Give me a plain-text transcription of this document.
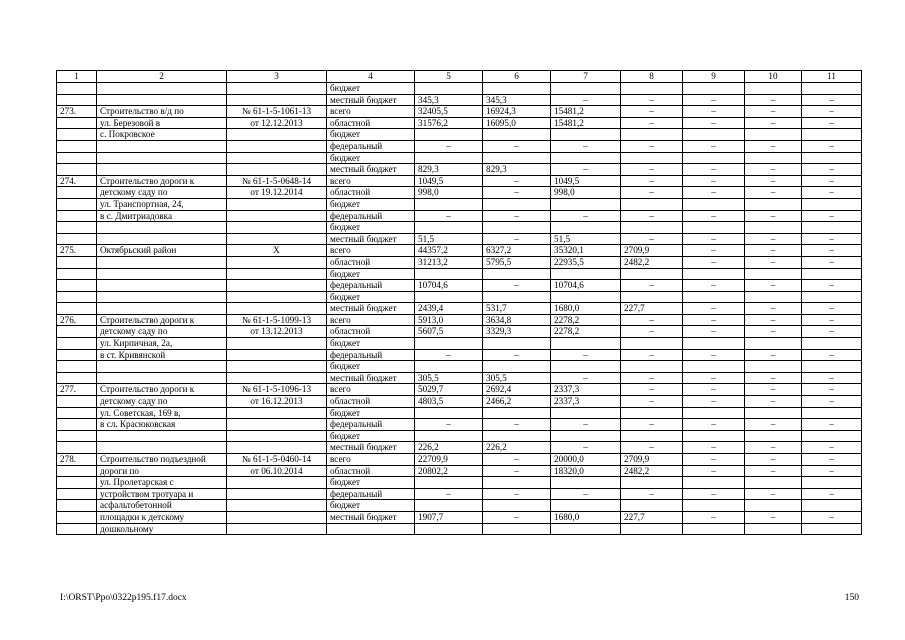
1	2	3	4	5	6	7	8	9	10	11
			бюджет							
			местный бюджет	345,3	345,3	–	–	–	–	–
273.	Строительство в/д по	№ 61-1-5-1061-13	всего	32405,5	16924,3	15481,2	–	–	–	–
	ул. Березовой в	от 12.12.2013	областной	31576,2	16095,0	15481,2	–	–	–	–
	с. Покровское		бюджет							
			федеральный	–	–	–	–	–	–	–
			бюджет							
			местный бюджет	829,3	829,3	–	–	–	–	–
274.	Строительство дороги к	№ 61-1-5-0648-14	всего	1049,5	–	1049,5	–	–	–	–
	детскому саду по	от 19.12.2014	областной	998,0	–	998,0	–	–	–	–
	ул. Транспортная, 24,		бюджет							
	в с. Дмитриадовка		федеральный	–	–	–	–	–	–	–
			бюджет							
			местный бюджет	51,5	–	51,5	–	–	–	–
275.	Октябрьский район	Х	всего	44357,2	6327,2	35320,1	2709,9	–	–	–
			областной	31213,2	5795,5	22935,5	2482,2	–	–	–
			бюджет							
			федеральный	10704,6	–	10704,6	–	–	–	–
			бюджет							
			местный бюджет	2439,4	531,7	1680,0	227,7	–	–	–
276.	Строительство дороги к	№ 61-1-5-1099-13	всего	5913,0	3634,8	2278,2	–	–	–	–
	детскому саду по	от 13.12.2013	областной	5607,5	3329,3	2278,2	–	–	–	–
	ул. Кирпичная, 2а,		бюджет							
	в ст. Кривянской		федеральный	–	–	–	–	–	–	–
			бюджет							
			местный бюджет	305,5	305,5	–	–	–	–	–
277.	Строительство дороги к	№ 61-1-5-1096-13	всего	5029,7	2692,4	2337,3	–	–	–	–
	детскому саду по	от 16.12.2013	областной	4803,5	2466,2	2337,3	–	–	–	–
	ул. Советская, 169 в,		бюджет							
	в сл. Красюковская		федеральный	–	–	–	–	–	–	–
			бюджет							
			местный бюджет	226,2	226,2	–	–	–	–	–
278.	Строительство подъездной	№ 61-1-5-0460-14	всего	22709,9	–	20000,0	2709,9	–	–	–
	дороги по	от 06.10.2014	областной	20802,2	–	18320,0	2482,2	–	–	–
	ул. Пролетарская с		бюджет							
	устройством тротуара и		федеральный	–	–	–	–	–	–	–
	асфальтобетонной		бюджет							
	площадки к детскому		местный бюджет	1907,7	–	1680,0	227,7	–	–	–
	дошкольному									
I:\ORST\Ppo\0322p195.f17.docx	150
